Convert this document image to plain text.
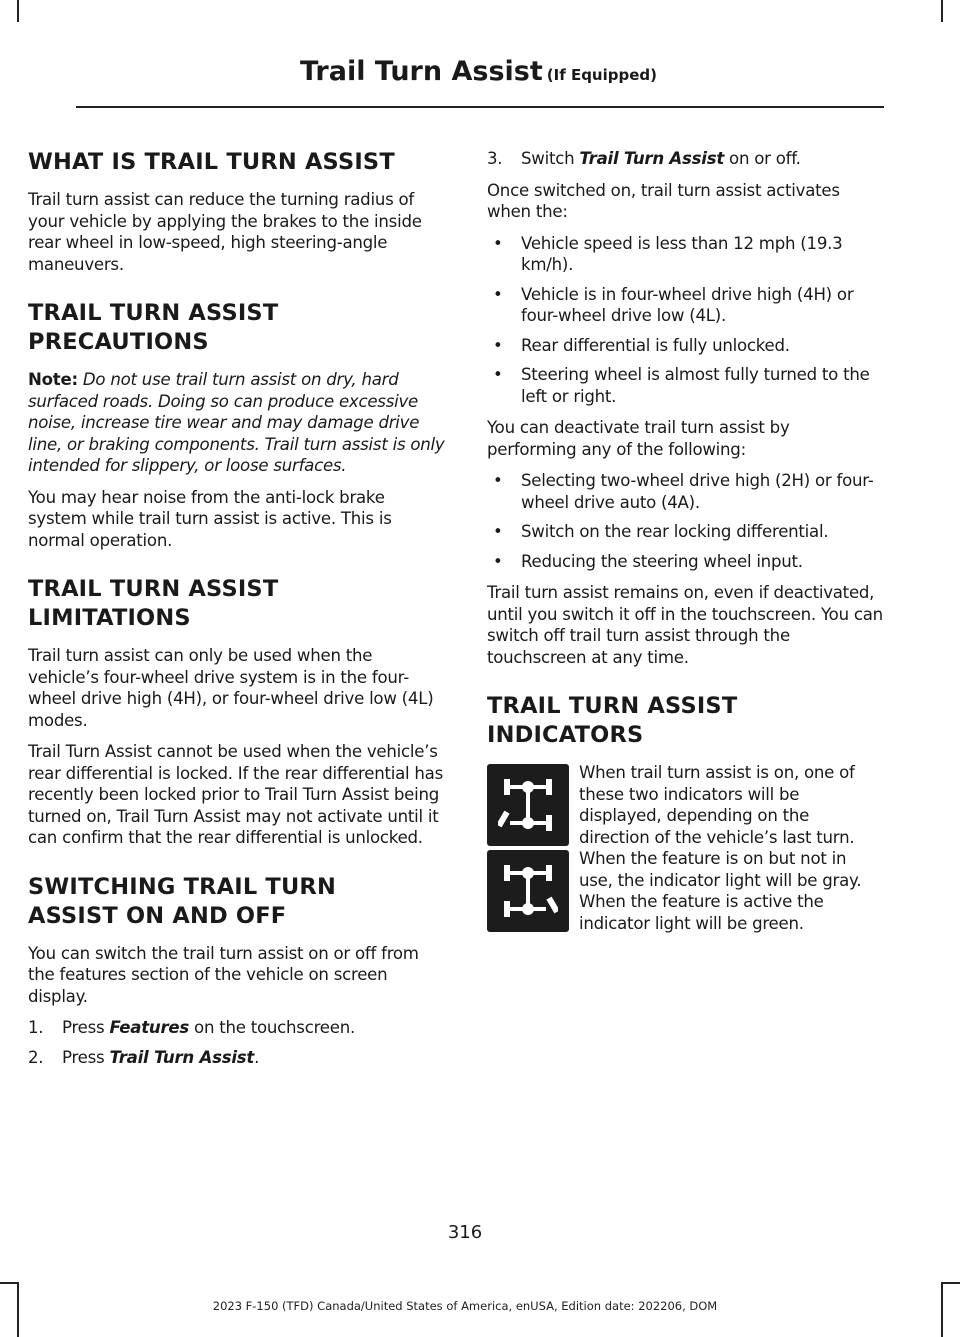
Trail Turn Assist (If Equipped)
WHAT IS TRAIL TURN ASSIST

Trail turn assist can reduce the turning radius of your vehicle by applying the brakes to the inside rear wheel in low-speed, high steering-angle maneuvers.

TRAIL TURN ASSIST
PRECAUTIONS

Note: Do not use trail turn assist on dry, hard surfaced roads. Doing so can produce excessive noise, increase tire wear and may damage drive line, or braking components. Trail turn assist is only intended for slippery, or loose surfaces.

You may hear noise from the anti-lock brake system while trail turn assist is active. This is normal operation.

TRAIL TURN ASSIST
LIMITATIONS

Trail turn assist can only be used when the vehicle’s four-wheel drive system is in the four-wheel drive high (4H), or four-wheel drive low (4L) modes.

Trail Turn Assist cannot be used when the vehicle’s rear differential is locked. If the rear differential has recently been locked prior to Trail Turn Assist being turned on, Trail Turn Assist may not activate until it can confirm that the rear differential is unlocked.

SWITCHING TRAIL TURN
ASSIST ON AND OFF

You can switch the trail turn assist on or off from the features section of the vehicle on screen display.

1. Press Features on the touchscreen.
2. Press Trail Turn Assist.
3. Switch Trail Turn Assist on or off.

Once switched on, trail turn assist activates when the:

• Vehicle speed is less than 12 mph (19.3 km/h).
• Vehicle is in four-wheel drive high (4H) or four-wheel drive low (4L).
• Rear differential is fully unlocked.
• Steering wheel is almost fully turned to the left or right.

You can deactivate trail turn assist by performing any of the following:

• Selecting two-wheel drive high (2H) or four-wheel drive auto (4A).
• Switch on the rear locking differential.
• Reducing the steering wheel input.

Trail turn assist remains on, even if deactivated, until you switch it off in the touchscreen. You can switch off trail turn assist through the touchscreen at any time.

TRAIL TURN ASSIST
INDICATORS

When trail turn assist is on, one of these two indicators will be displayed, depending on the direction of the vehicle’s last turn. When the feature is on but not in use, the indicator light will be gray. When the feature is active the indicator light will be green.

316
2023 F-150 (TFD) Canada/United States of America, enUSA, Edition date: 202206, DOM
